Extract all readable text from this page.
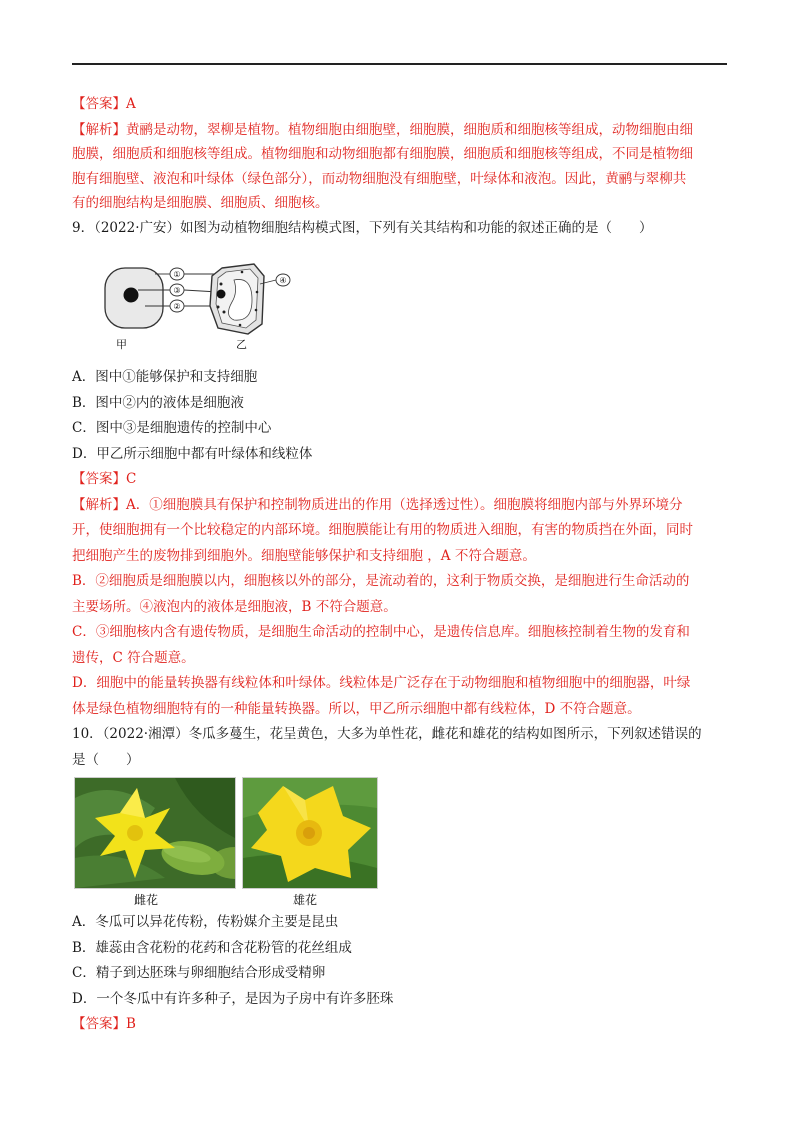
【答案】A
【解析】黄鹂是动物，翠柳是植物。植物细胞由细胞壁，细胞膜，细胞质和细胞核等组成，动物细胞由细
胞膜，细胞质和细胞核等组成。植物细胞和动物细胞都有细胞膜，细胞质和细胞核等组成，不同是植物细
胞有细胞壁、液泡和叶绿体（绿色部分），而动物细胞没有细胞壁，叶绿体和液泡。因此，黄鹂与翠柳共
有的细胞结构是细胞膜、细胞质、细胞核。
9．（2022·广安）如图为动植物细胞结构模式图，下列有关其结构和功能的叙述正确的是（　　）
①
③
②
④
甲	乙
A．图中①能够保护和支持细胞
B．图中②内的液体是细胞液
C．图中③是细胞遗传的控制中心
D．甲乙所示细胞中都有叶绿体和线粒体
【答案】C
【解析】A．①细胞膜具有保护和控制物质进出的作用（选择透过性）。细胞膜将细胞内部与外界环境分
开，使细胞拥有一个比较稳定的内部环境。细胞膜能让有用的物质进入细胞，有害的物质挡在外面，同时
把细胞产生的废物排到细胞外。细胞壁能够保护和支持细胞 ，A 不符合题意。
B．②细胞质是细胞膜以内，细胞核以外的部分，是流动着的，这利于物质交换，是细胞进行生命活动的
主要场所。④液泡内的液体是细胞液，B 不符合题意。
C．③细胞核内含有遗传物质，是细胞生命活动的控制中心，是遗传信息库。细胞核控制着生物的发育和
遗传，C 符合题意。
D．细胞中的能量转换器有线粒体和叶绿体。线粒体是广泛存在于动物细胞和植物细胞中的细胞器，叶绿
体是绿色植物细胞特有的一种能量转换器。所以，甲乙所示细胞中都有线粒体，D 不符合题意。
10．（2022·湘潭）冬瓜多蔓生，花呈黄色，大多为单性花，雌花和雄花的结构如图所示，下列叙述错误的
是（　　）
雌花	雄花
A．冬瓜可以异花传粉，传粉媒介主要是昆虫
B．雄蕊由含花粉的花药和含花粉管的花丝组成
C．精子到达胚珠与卵细胞结合形成受精卵
D．一个冬瓜中有许多种子，是因为子房中有许多胚珠
【答案】B
